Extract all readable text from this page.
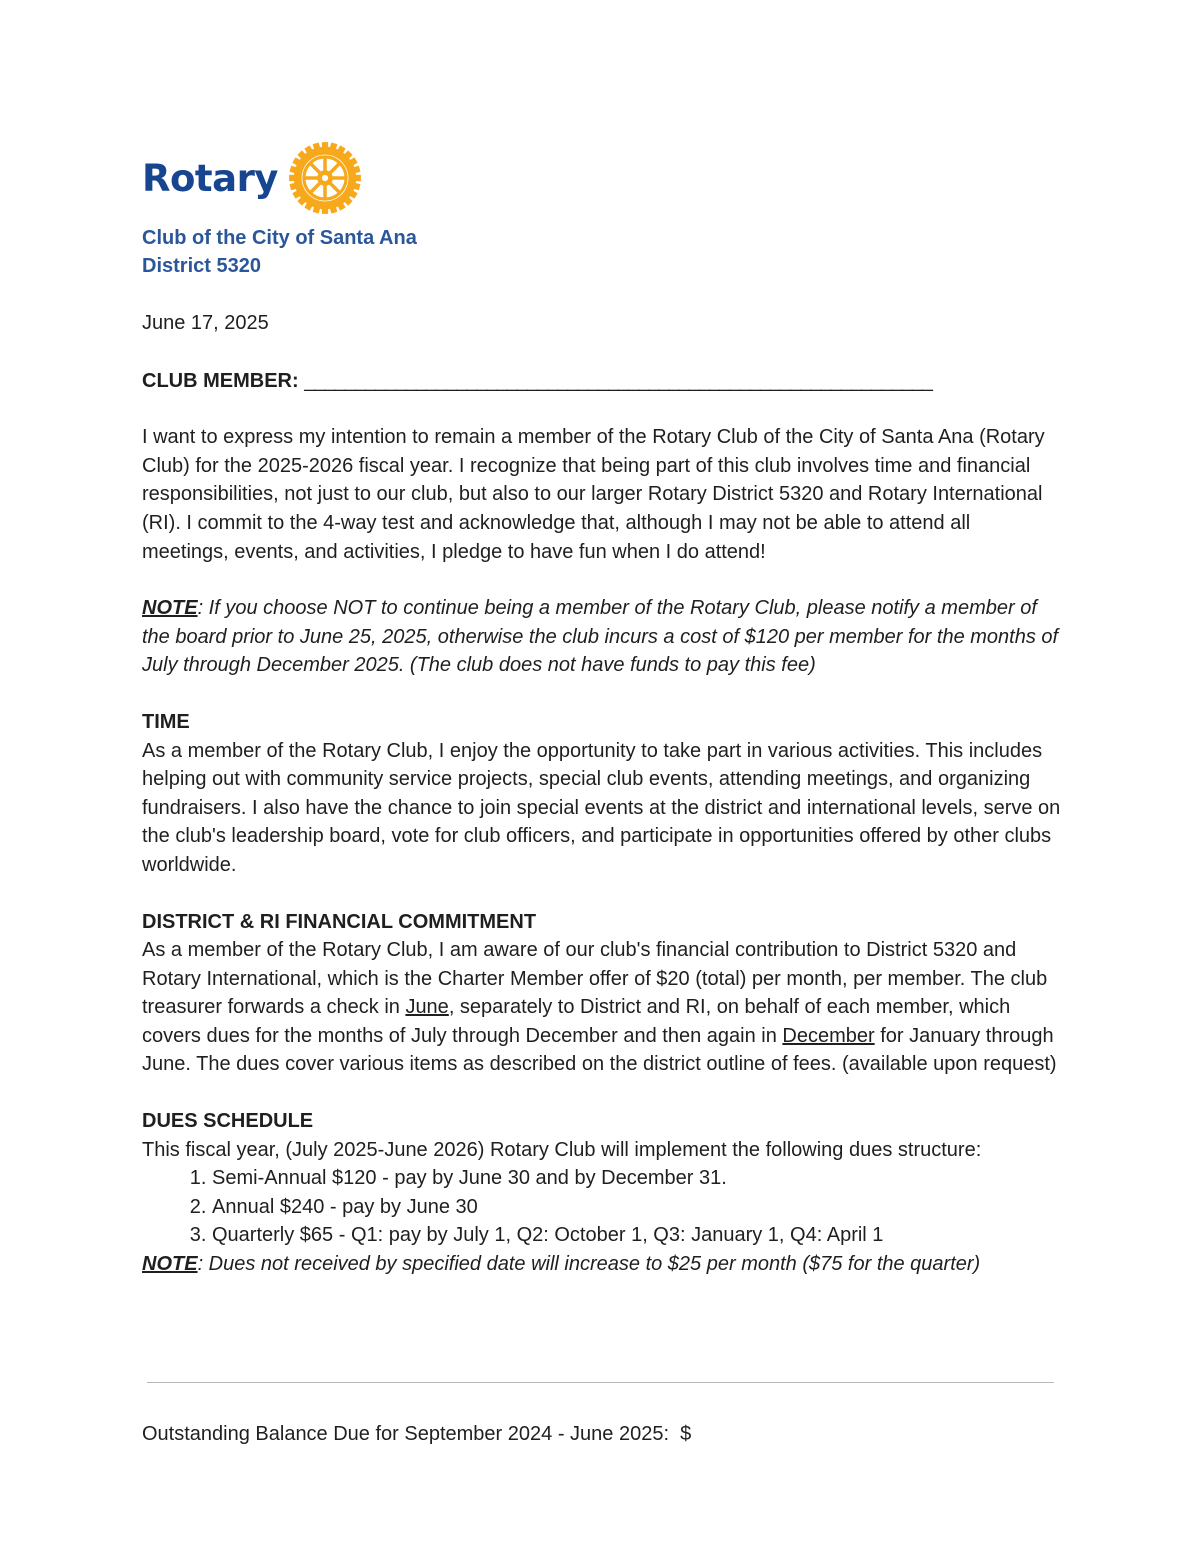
Rotary
Club of the City of Santa Ana
District 5320

June 17, 2025

CLUB MEMBER: ______________________________________________________________

I want to express my intention to remain a member of the Rotary Club of the City of Santa Ana (Rotary Club) for the 2025-2026 fiscal year. I recognize that being part of this club involves time and financial responsibilities, not just to our club, but also to our larger Rotary District 5320 and Rotary International (RI). I commit to the 4-way test and acknowledge that, although I may not be able to attend all meetings, events, and activities, I pledge to have fun when I do attend!

NOTE: If you choose NOT to continue being a member of the Rotary Club, please notify a member of the board prior to June 25, 2025, otherwise the club incurs a cost of $120 per member for the months of July through December 2025. (The club does not have funds to pay this fee)

TIME

As a member of the Rotary Club, I enjoy the opportunity to take part in various activities. This includes helping out with community service projects, special club events, attending meetings, and organizing fundraisers. I also have the chance to join special events at the district and international levels, serve on the club's leadership board, vote for club officers, and participate in opportunities offered by other clubs worldwide.

DISTRICT & RI FINANCIAL COMMITMENT

As a member of the Rotary Club, I am aware of our club's financial contribution to District 5320 and Rotary International, which is the Charter Member offer of $20 (total) per month, per member. The club treasurer forwards a check in June, separately to District and RI, on behalf of each member, which covers dues for the months of July through December and then again in December for January through June. The dues cover various items as described on the district outline of fees. (available upon request)

DUES SCHEDULE

This fiscal year, (July 2025-June 2026) Rotary Club will implement the following dues structure:

1. Semi-Annual $120 - pay by June 30 and by December 31.
2. Annual $240 - pay by June 30
3. Quarterly $65 - Q1: pay by July 1, Q2: October 1, Q3: January 1, Q4: April 1

NOTE: Dues not received by specified date will increase to $25 per month ($75 for the quarter)

Outstanding Balance Due for September 2024 - June 2025:  $
